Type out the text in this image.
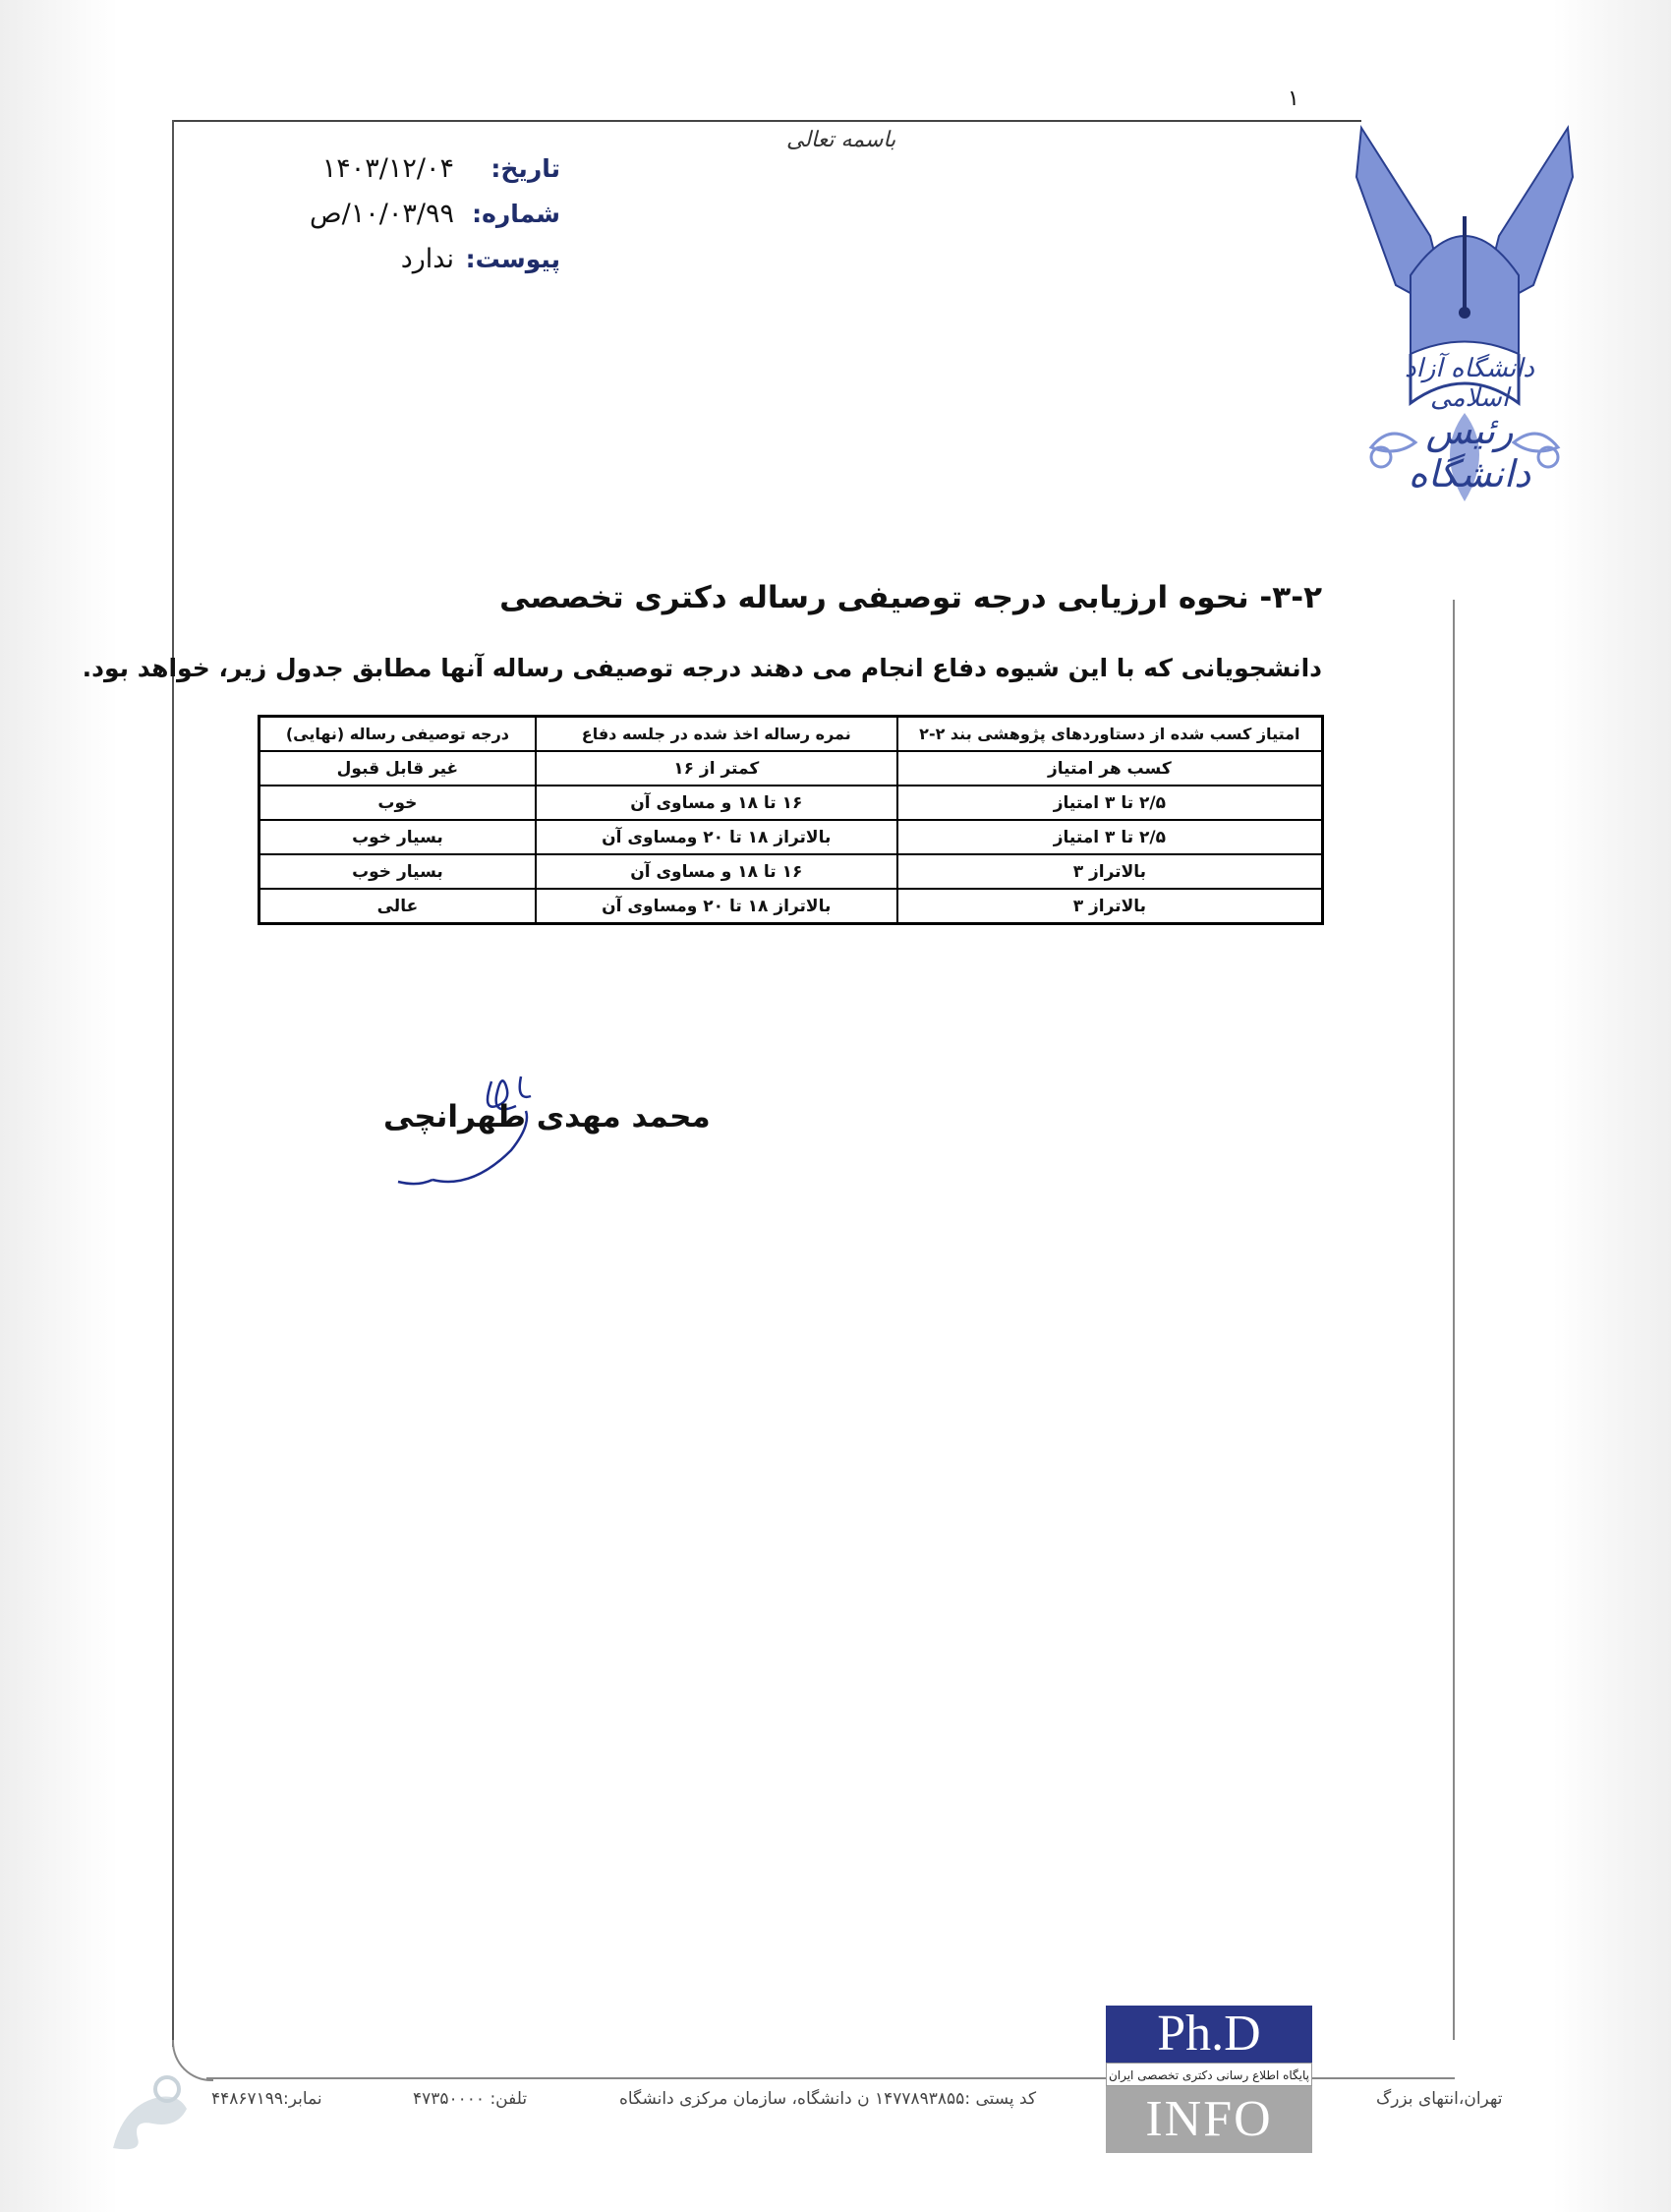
۱
باسمه تعالی
تاریخ:
۱۴۰۳/۱۲/۰۴
شماره:
۱۰/۰۳/۹۹/ص
پیوست:
ندارد
دانشگاه آزاد اسلامی
رئیس دانشگاه
۳-۲- نحوه ارزیابی درجه توصیفی رساله دکتری تخصصی
دانشجویانی که با این شیوه دفاع انجام می دهند درجه توصیفی رساله آنها مطابق جدول زیر، خواهد بود.
امتیاز کسب شده از دستاوردهای پژوهشی بند ۲-۲	نمره رساله اخذ شده در جلسه دفاع	درجه توصیفی رساله (نهایی)
کسب هر امتیاز	کمتر از ۱۶	غیر قابل قبول
۲/۵ تا ۳ امتیاز	۱۶ تا ۱۸ و مساوی آن	خوب
۲/۵ تا ۳ امتیاز	بالاتراز ۱۸ تا ۲۰ ومساوی آن	بسیار خوب
بالاتراز ۳	۱۶ تا ۱۸ و مساوی آن	بسیار خوب
بالاتراز ۳	بالاتراز ۱۸ تا ۲۰ ومساوی آن	عالی
محمد مهدی طهرانچی
نمابر:۴۴۸۶۷۱۹۹	تلفن: ۴۷۳۵۰۰۰۰	کد پستی :۱۴۷۷۸۹۳۸۵۵ ن دانشگاه، سازمان مرکزی دانشگاه	تهران،انتهای بزرگ
Ph.D
پایگاه اطلاع رسانی دکتری تخصصی ایران
INFO
